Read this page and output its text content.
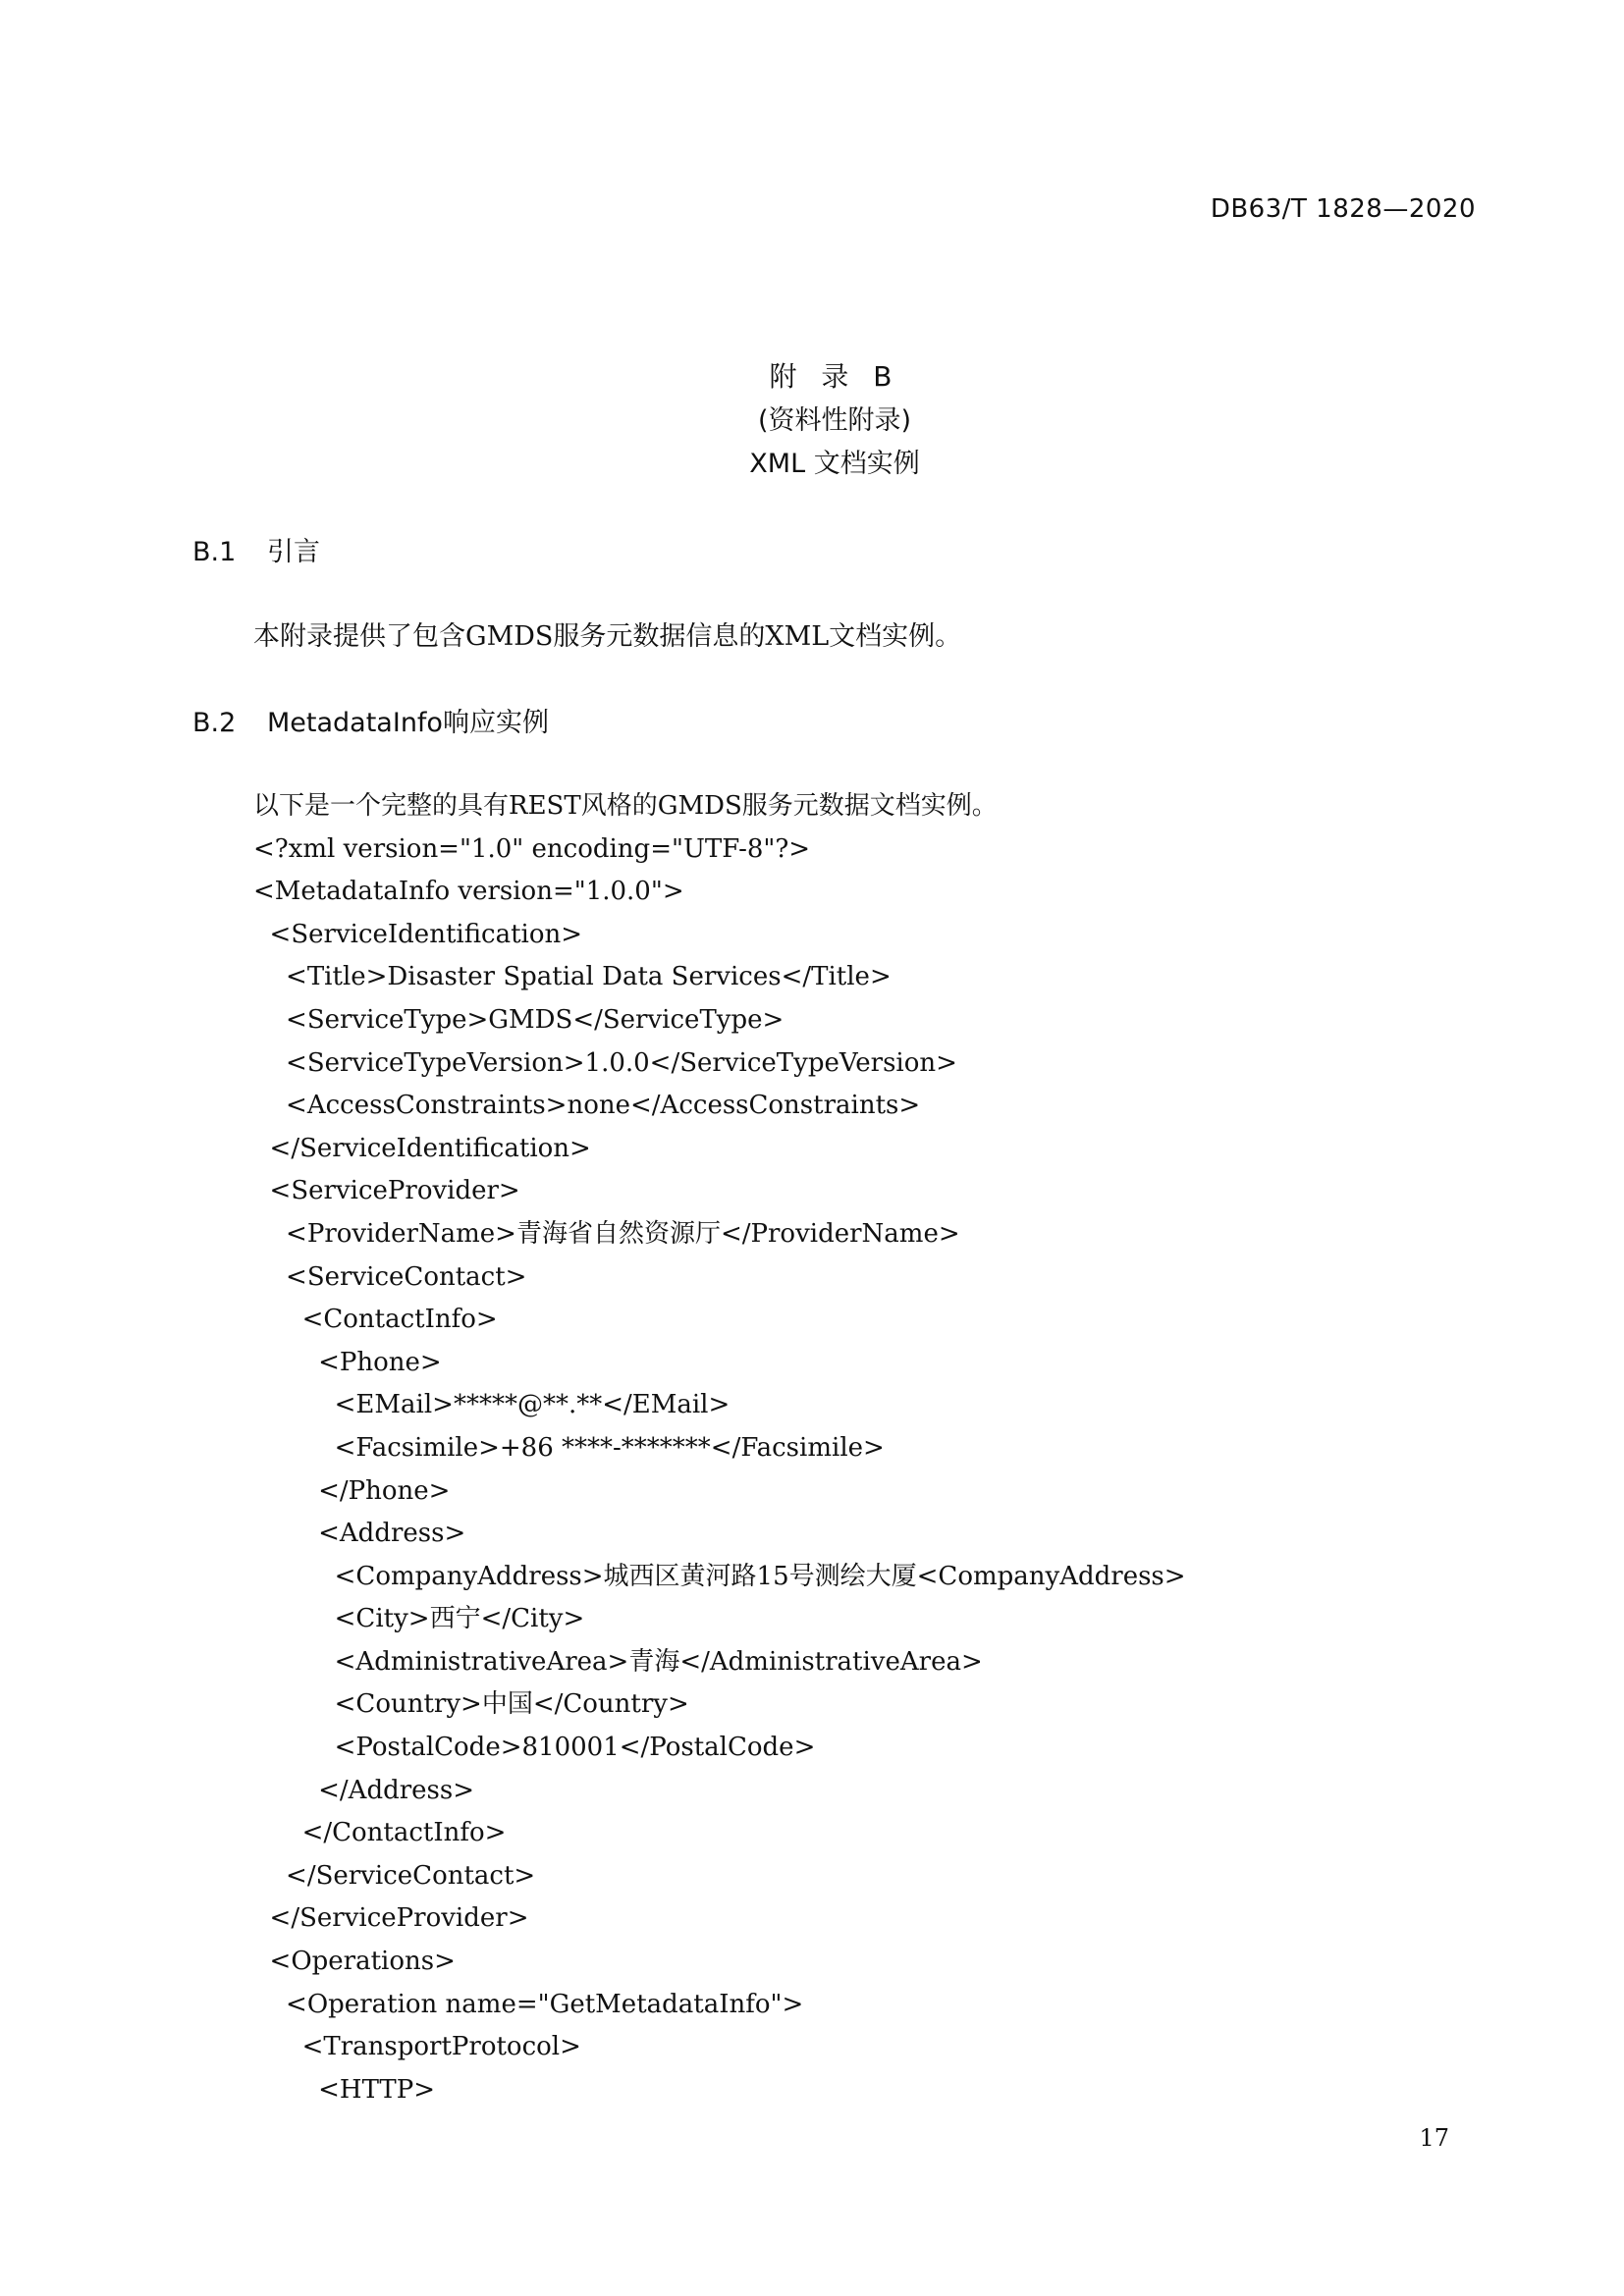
DB63/T 1828—2020
附 录 B
(资料性附录)
XML 文档实例
B.1 引言
本附录提供了包含GMDS服务元数据信息的XML文档实例。
B.2 MetadataInfo响应实例
以下是一个完整的具有REST风格的GMDS服务元数据文档实例。
<?xml version="1.0" encoding="UTF-8"?>
<MetadataInfo version="1.0.0">
<ServiceIdentification>
<Title>Disaster Spatial Data Services</Title>
<ServiceType>GMDS</ServiceType>
<ServiceTypeVersion>1.0.0</ServiceTypeVersion>
<AccessConstraints>none</AccessConstraints>
</ServiceIdentification>
<ServiceProvider>
<ProviderName>青海省自然资源厅</ProviderName>
<ServiceContact>
<ContactInfo>
<Phone>
<EMail>*****@**.**</EMail>
<Facsimile>+86 ****-*******</Facsimile>
</Phone>
<Address>
<CompanyAddress>城西区黄河路15号测绘大厦<CompanyAddress>
<City>西宁</City>
<AdministrativeArea>青海</AdministrativeArea>
<Country>中国</Country>
<PostalCode>810001</PostalCode>
</Address>
</ContactInfo>
</ServiceContact>
</ServiceProvider>
<Operations>
<Operation name="GetMetadataInfo">
<TransportProtocol>
<HTTP>
17
